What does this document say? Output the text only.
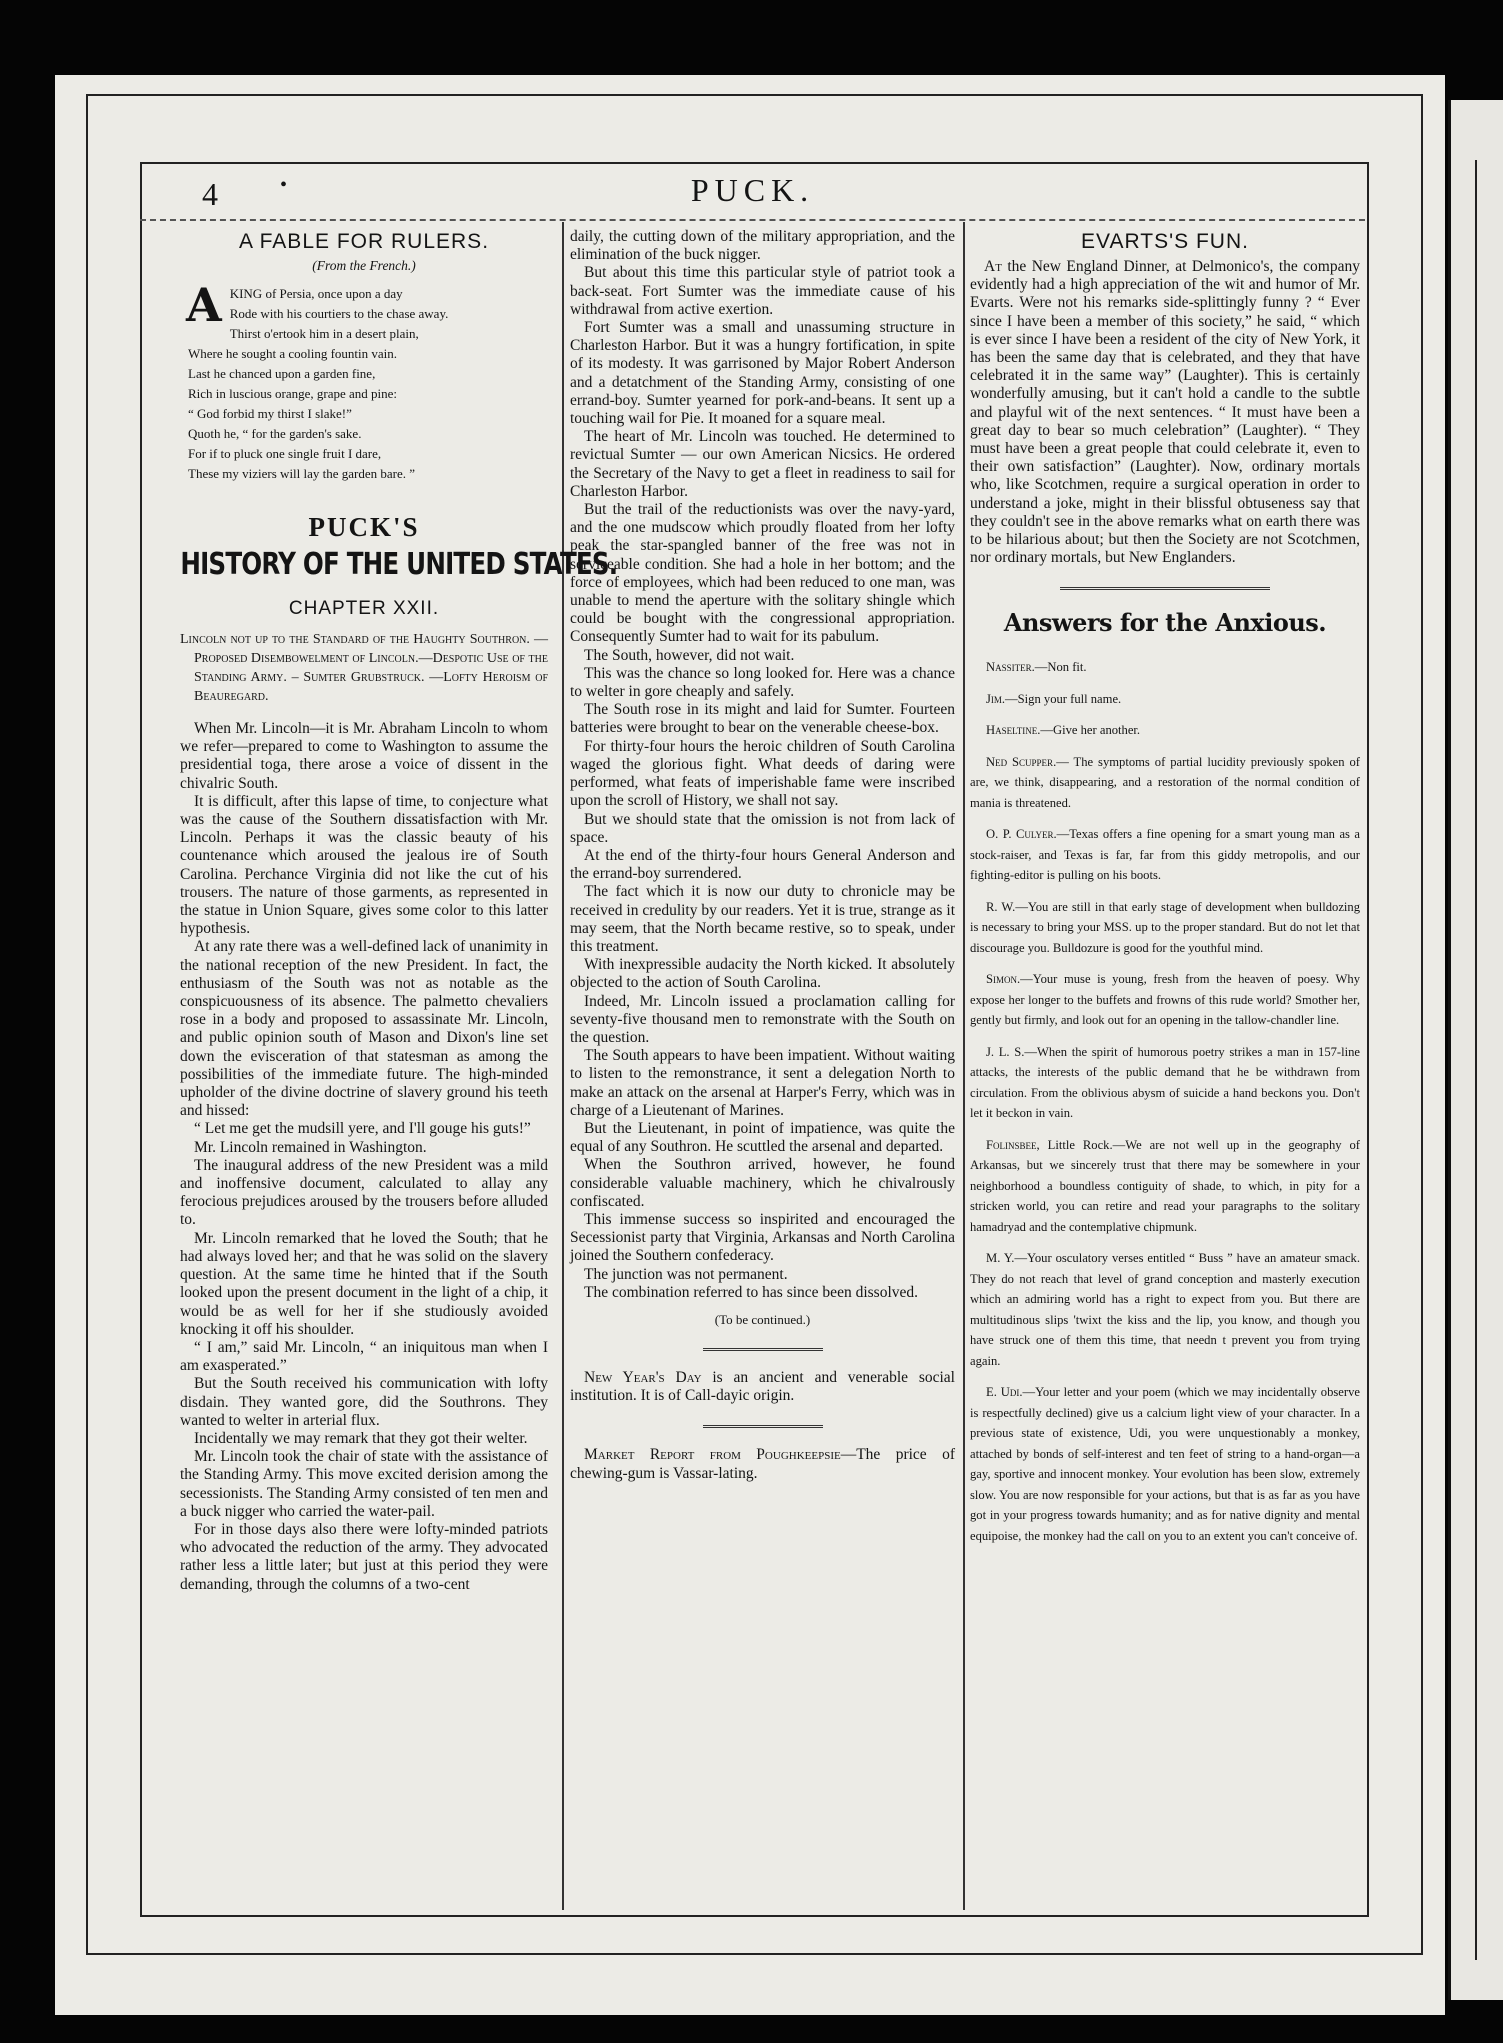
4	•	PUCK.
A FABLE FOR RULERS.
(From the French.)
A KING of Persia, once upon a day

Rode with his courtiers to the chase away.

Thirst o'ertook him in a desert plain,

Where he sought a cooling fountin vain.

Last he chanced upon a garden fine,

Rich in luscious orange, grape and pine:

“ God forbid my thirst I slake!”

Quoth he, “ for the garden's sake.

For if to pluck one single fruit I dare,

These my viziers will lay the garden bare. ”

PUCK'S
HISTORY OF THE UNITED STATES.
CHAPTER XXII.
Lincoln not up to the Standard of the Haughty Southron. — Proposed Disembowelment of Lincoln.—Despotic Use of the Standing Army. – Sumter Grubstruck. —Lofty Heroism of Beauregard.

When Mr. Lincoln—it is Mr. Abraham Lincoln to whom we refer—prepared to come to Washington to assume the presidential toga, there arose a voice of dissent in the chivalric South.

It is difficult, after this lapse of time, to conjecture what was the cause of the Southern dissatisfaction with Mr. Lincoln. Perhaps it was the classic beauty of his countenance which aroused the jealous ire of South Carolina. Perchance Virginia did not like the cut of his trousers. The nature of those garments, as represented in the statue in Union Square, gives some color to this latter hypothesis.

At any rate there was a well-defined lack of unanimity in the national reception of the new President. In fact, the enthusiasm of the South was not as notable as the conspicuousness of its absence. The palmetto chevaliers rose in a body and proposed to assassinate Mr. Lincoln, and public opinion south of Mason and Dixon's line set down the evisceration of that statesman as among the possibilities of the immediate future. The high-minded upholder of the divine doctrine of slavery ground his teeth and hissed:

“ Let me get the mudsill yere, and I'll gouge his guts!”

Mr. Lincoln remained in Washington.

The inaugural address of the new President was a mild and inoffensive document, calculated to allay any ferocious prejudices aroused by the trousers before alluded to.

Mr. Lincoln remarked that he loved the South; that he had always loved her; and that he was solid on the slavery question. At the same time he hinted that if the South looked upon the present document in the light of a chip, it would be as well for her if she studiously avoided knocking it off his shoulder.

“ I am,” said Mr. Lincoln, “ an iniquitous man when I am exasperated.”

But the South received his communication with lofty disdain. They wanted gore, did the Southrons. They wanted to welter in arterial flux.

Incidentally we may remark that they got their welter.

Mr. Lincoln took the chair of state with the assistance of the Standing Army. This move excited derision among the secessionists. The Standing Army consisted of ten men and a buck nigger who carried the water-pail.

For in those days also there were lofty-minded patriots who advocated the reduction of the army. They advocated rather less a little later; but just at this period they were demanding, through the columns of a two-cent

daily, the cutting down of the military appropriation, and the elimination of the buck nigger.

But about this time this particular style of patriot took a back-seat. Fort Sumter was the immediate cause of his withdrawal from active exertion.

Fort Sumter was a small and unassuming structure in Charleston Harbor. But it was a hungry fortification, in spite of its modesty. It was garrisoned by Major Robert Anderson and a detatchment of the Standing Army, consisting of one errand-boy. Sumter yearned for pork-and-beans. It sent up a touching wail for Pie. It moaned for a square meal.

The heart of Mr. Lincoln was touched. He determined to revictual Sumter — our own American Nicsics. He ordered the Secretary of the Navy to get a fleet in readiness to sail for Charleston Harbor.

But the trail of the reductionists was over the navy-yard, and the one mudscow which proudly floated from her lofty peak the star-spangled banner of the free was not in serviceable condition. She had a hole in her bottom; and the force of employees, which had been reduced to one man, was unable to mend the aperture with the solitary shingle which could be bought with the congressional appropriation. Consequently Sumter had to wait for its pabulum.

The South, however, did not wait.

This was the chance so long looked for. Here was a chance to welter in gore cheaply and safely.

The South rose in its might and laid for Sumter. Fourteen batteries were brought to bear on the venerable cheese-box.

For thirty-four hours the heroic children of South Carolina waged the glorious fight. What deeds of daring were performed, what feats of imperishable fame were inscribed upon the scroll of History, we shall not say.

But we should state that the omission is not from lack of space.

At the end of the thirty-four hours General Anderson and the errand-boy surrendered.

The fact which it is now our duty to chronicle may be received in credulity by our readers. Yet it is true, strange as it may seem, that the North became restive, so to speak, under this treatment.

With inexpressible audacity the North kicked. It absolutely objected to the action of South Carolina.

Indeed, Mr. Lincoln issued a proclamation calling for seventy-five thousand men to remonstrate with the South on the question.

The South appears to have been impatient. Without waiting to listen to the remonstrance, it sent a delegation North to make an attack on the arsenal at Harper's Ferry, which was in charge of a Lieutenant of Marines.

But the Lieutenant, in point of impatience, was quite the equal of any Southron. He scuttled the arsenal and departed.

When the Southron arrived, however, he found considerable valuable machinery, which he chivalrously confiscated.

This immense success so inspirited and encouraged the Secessionist party that Virginia, Arkansas and North Carolina joined the Southern confederacy.

The junction was not permanent.

The combination referred to has since been dissolved.

(To be continued.)

New Year's Day is an ancient and venerable social institution. It is of Call-dayic origin.

Market Report from Poughkeepsie—The price of chewing-gum is Vassar-lating.

EVARTS'S FUN.

At the New England Dinner, at Delmonico's, the company evidently had a high appreciation of the wit and humor of Mr. Evarts. Were not his remarks side-splittingly funny ? “ Ever since I have been a member of this society,” he said, “ which is ever since I have been a resident of the city of New York, it has been the same day that is celebrated, and they that have celebrated it in the same way” (Laughter). This is certainly wonderfully amusing, but it can't hold a candle to the subtle and playful wit of the next sentences. “ It must have been a great day to bear so much celebration” (Laughter). “ They must have been a great people that could celebrate it, even to their own satisfaction” (Laughter). Now, ordinary mortals who, like Scotchmen, require a surgical operation in order to understand a joke, might in their blissful obtuseness say that they couldn't see in the above remarks what on earth there was to be hilarious about; but then the Society are not Scotchmen, nor ordinary mortals, but New Englanders.

Answers for the Anxious.

Nassiter.—Non fit.

Jim.—Sign your full name.

Haseltine.—Give her another.

Ned Scupper.— The symptoms of partial lucidity previously spoken of are, we think, disappearing, and a restoration of the normal condition of mania is threatened.

O. P. Culyer.—Texas offers a fine opening for a smart young man as a stock-raiser, and Texas is far, far from this giddy metropolis, and our fighting-editor is pulling on his boots.

R. W.—You are still in that early stage of development when bulldozing is necessary to bring your MSS. up to the proper standard. But do not let that discourage you. Bulldozure is good for the youthful mind.

Simon.—Your muse is young, fresh from the heaven of poesy. Why expose her longer to the buffets and frowns of this rude world? Smother her, gently but firmly, and look out for an opening in the tallow-chandler line.

J. L. S.—When the spirit of humorous poetry strikes a man in 157-line attacks, the interests of the public demand that he be withdrawn from circulation. From the oblivious abysm of suicide a hand beckons you. Don't let it beckon in vain.

Folinsbee, Little Rock.—We are not well up in the geography of Arkansas, but we sincerely trust that there may be somewhere in your neighborhood a boundless contiguity of shade, to which, in pity for a stricken world, you can retire and read your paragraphs to the solitary hamadryad and the contemplative chipmunk.

M. Y.—Your osculatory verses entitled “ Buss ” have an amateur smack. They do not reach that level of grand conception and masterly execution which an admiring world has a right to expect from you. But there are multitudinous slips 'twixt the kiss and the lip, you know, and though you have struck one of them this time, that needn t prevent you from trying again.

E. Udi.—Your letter and your poem (which we may incidentally observe is respectfully declined) give us a calcium light view of your character. In a previous state of existence, Udi, you were unquestionably a monkey, attached by bonds of self-interest and ten feet of string to a hand-organ—a gay, sportive and innocent monkey. Your evolution has been slow, extremely slow. You are now responsible for your actions, but that is as far as you have got in your progress towards humanity; and as for native dignity and mental equipoise, the monkey had the call on you to an extent you can't conceive of.
